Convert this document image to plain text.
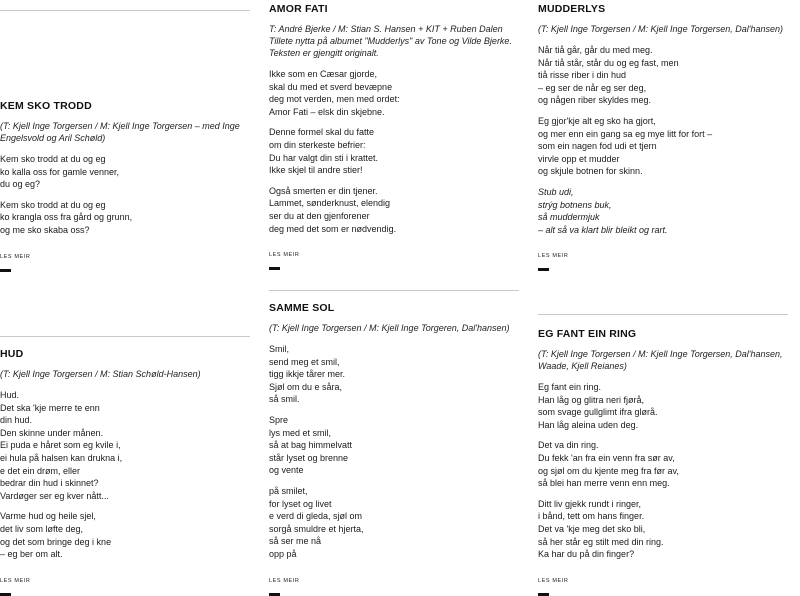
KEM SKO TRODD
(T: Kjell Inge Torgersen / M: Kjell Inge Torgersen – med Inge
Engelsvold og Aril Schøld)
Kem sko trodd at du og eg
ko kalla oss for gamle venner,
du og eg?
Kem sko trodd at du og eg
ko krangla oss fra gård og grunn,
og me sko skaba oss?
LES MEIR
AMOR FATI
T: André Bjerke / M: Stian S. Hansen + KIT + Ruben Dalen
Tillete nytta på albumet "Mudderlys" av Tone og Vilde Bjerke.
Teksten er gjengitt originalt.
Ikke som en Cæsar gjorde,
skal du med et sverd bevæpne
deg mot verden, men med ordet:
Amor Fati – elsk din skjebne.
Denne formel skal du fatte
om din sterkeste befrier:
Du har valgt din sti i krattet.
Ikke skjel til andre stier!
Også smerten er din tjener.
Lammet, sønderknust, elendig
ser du at den gjenforener
deg med det som er nødvendig.
LES MEIR
MUDDERLYS
(T: Kjell Inge Torgersen / M: Kjell Inge Torgersen, Dal'hansen)
Når tiå går, går du med meg.
Når tiå står, står du og eg fast, men
tiå risse riber i din hud
– eg ser de når eg ser deg,
og någen riber skyldes meg.
Eg gjor'kje alt eg sko ha gjort,
og mer enn ein gang sa eg mye litt for fort –
som ein nagen fod udi et tjern
virvle opp et mudder
og skjule botnen for skinn.
Stub udi,
strýg botnens buk,
så muddermjuk
– alt så va klart blir bleikt og rart.
LES MEIR
HUD
(T: Kjell Inge Torgersen / M: Stian Schøld-Hansen)
Hud.
Det ska 'kje merre te enn
din hud.
Den skinne under månen.
Ei puda e håret som eg kvile i,
ei hula på halsen kan drukna i,
e det ein drøm, eller
bedrar din hud i skinnet?
Vardøger ser eg kver nått...
Varme hud og heile sjel,
det liv som løfte deg,
og det som bringe deg i kne
– eg ber om alt.
LES MEIR
SAMME SOL
(T: Kjell Inge Torgersen / M: Kjell Inge Torgeren, Dal'hansen)
Smil,
send meg et smil,
tigg ikkje tårer mer.
Sjøl om du e såra,
så smil.
Spre
lys med et smil,
så at bag himmelvatt
står lyset og brenne
og vente
på smilet,
for lyset og livet
e verd di gleda, sjøl om
sorgå smuldre et hjerta,
så ser me nå
opp på
LES MEIR
EG FANT EIN RING
(T: Kjell Inge Torgersen / M: Kjell Inge Torgersen, Dal'hansen,
Waade, Kjell Reianes)
Eg fant ein ring.
Han låg og glitra neri fjørå,
som svage gullglimt ifra glørå.
Han låg aleina uden deg.
Det va din ring.
Du fekk 'an fra ein venn fra sør av,
og sjøl om du kjente meg fra før av,
så blei han merre venn enn meg.
Ditt liv gjekk rundt i ringer,
i bånd, tett om hans finger.
Det va 'kje meg det sko bli,
så her står eg stilt med din ring.
Ka har du på din finger?
LES MEIR
